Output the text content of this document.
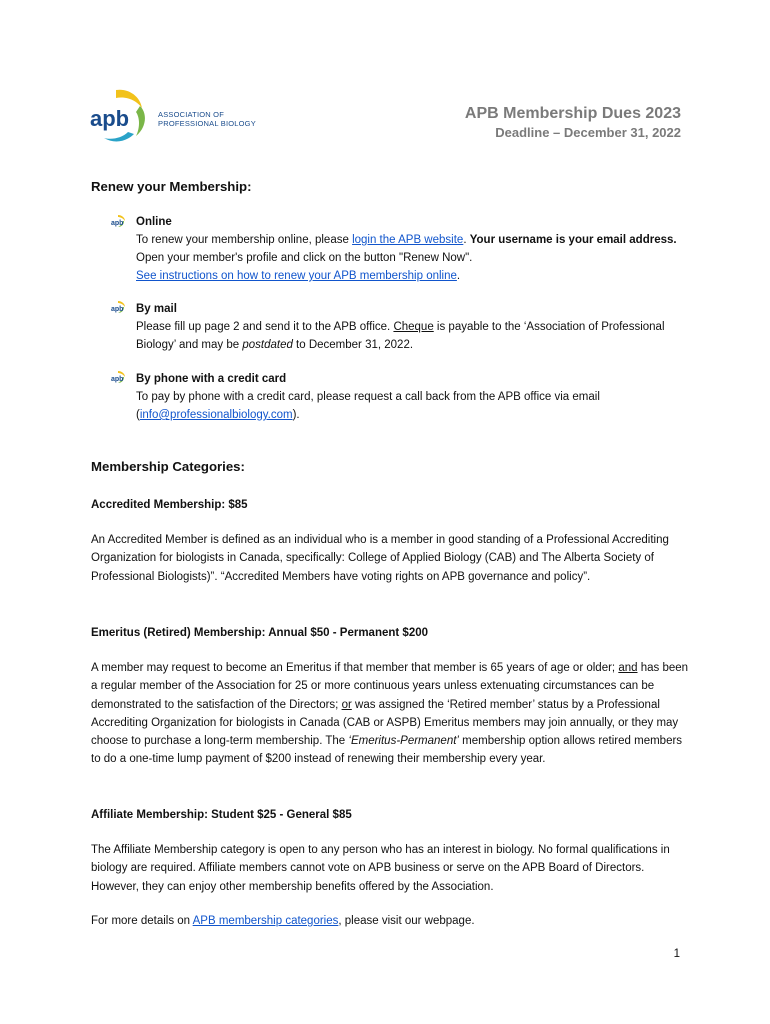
apb	ASSOCIATION OF
PROFESSIONAL BIOLOGY
APB Membership Dues 2023
Deadline – December 31, 2022
Renew your Membership:
apb Online
To renew your membership online, please login the APB website. Your username is your email address. Open your member's profile and click on the button "Renew Now".
See instructions on how to renew your APB membership online.
apb By mail
Please fill up page 2 and send it to the APB office. Cheque is payable to the ‘Association of Professional Biology’ and may be postdated to December 31, 2022.
apb By phone with a credit card
To pay by phone with a credit card, please request a call back from the APB office via email (info@professionalbiology.com).
Membership Categories:
Accredited Membership: $85
An Accredited Member is defined as an individual who is a member in good standing of a Professional Accrediting Organization for biologists in Canada, specifically: College of Applied Biology (CAB) and The Alberta Society of Professional Biologists)”. “Accredited Members have voting rights on APB governance and policy”.
Emeritus (Retired) Membership: Annual $50 - Permanent $200
A member may request to become an Emeritus if that member that member is 65 years of age or older; and has been a regular member of the Association for 25 or more continuous years unless extenuating circumstances can be demonstrated to the satisfaction of the Directors; or was assigned the ‘Retired member’ status by a Professional Accrediting Organization for biologists in Canada (CAB or ASPB) Emeritus members may join annually, or they may choose to purchase a long-term membership. The ‘Emeritus-Permanent’ membership option allows retired members to do a one-time lump payment of $200 instead of renewing their membership every year.
Affiliate Membership: Student $25 - General $85
The Affiliate Membership category is open to any person who has an interest in biology. No formal qualifications in biology are required. Affiliate members cannot vote on APB business or serve on the APB Board of Directors. However, they can enjoy other membership benefits offered by the Association.
For more details on APB membership categories, please visit our webpage.
1
